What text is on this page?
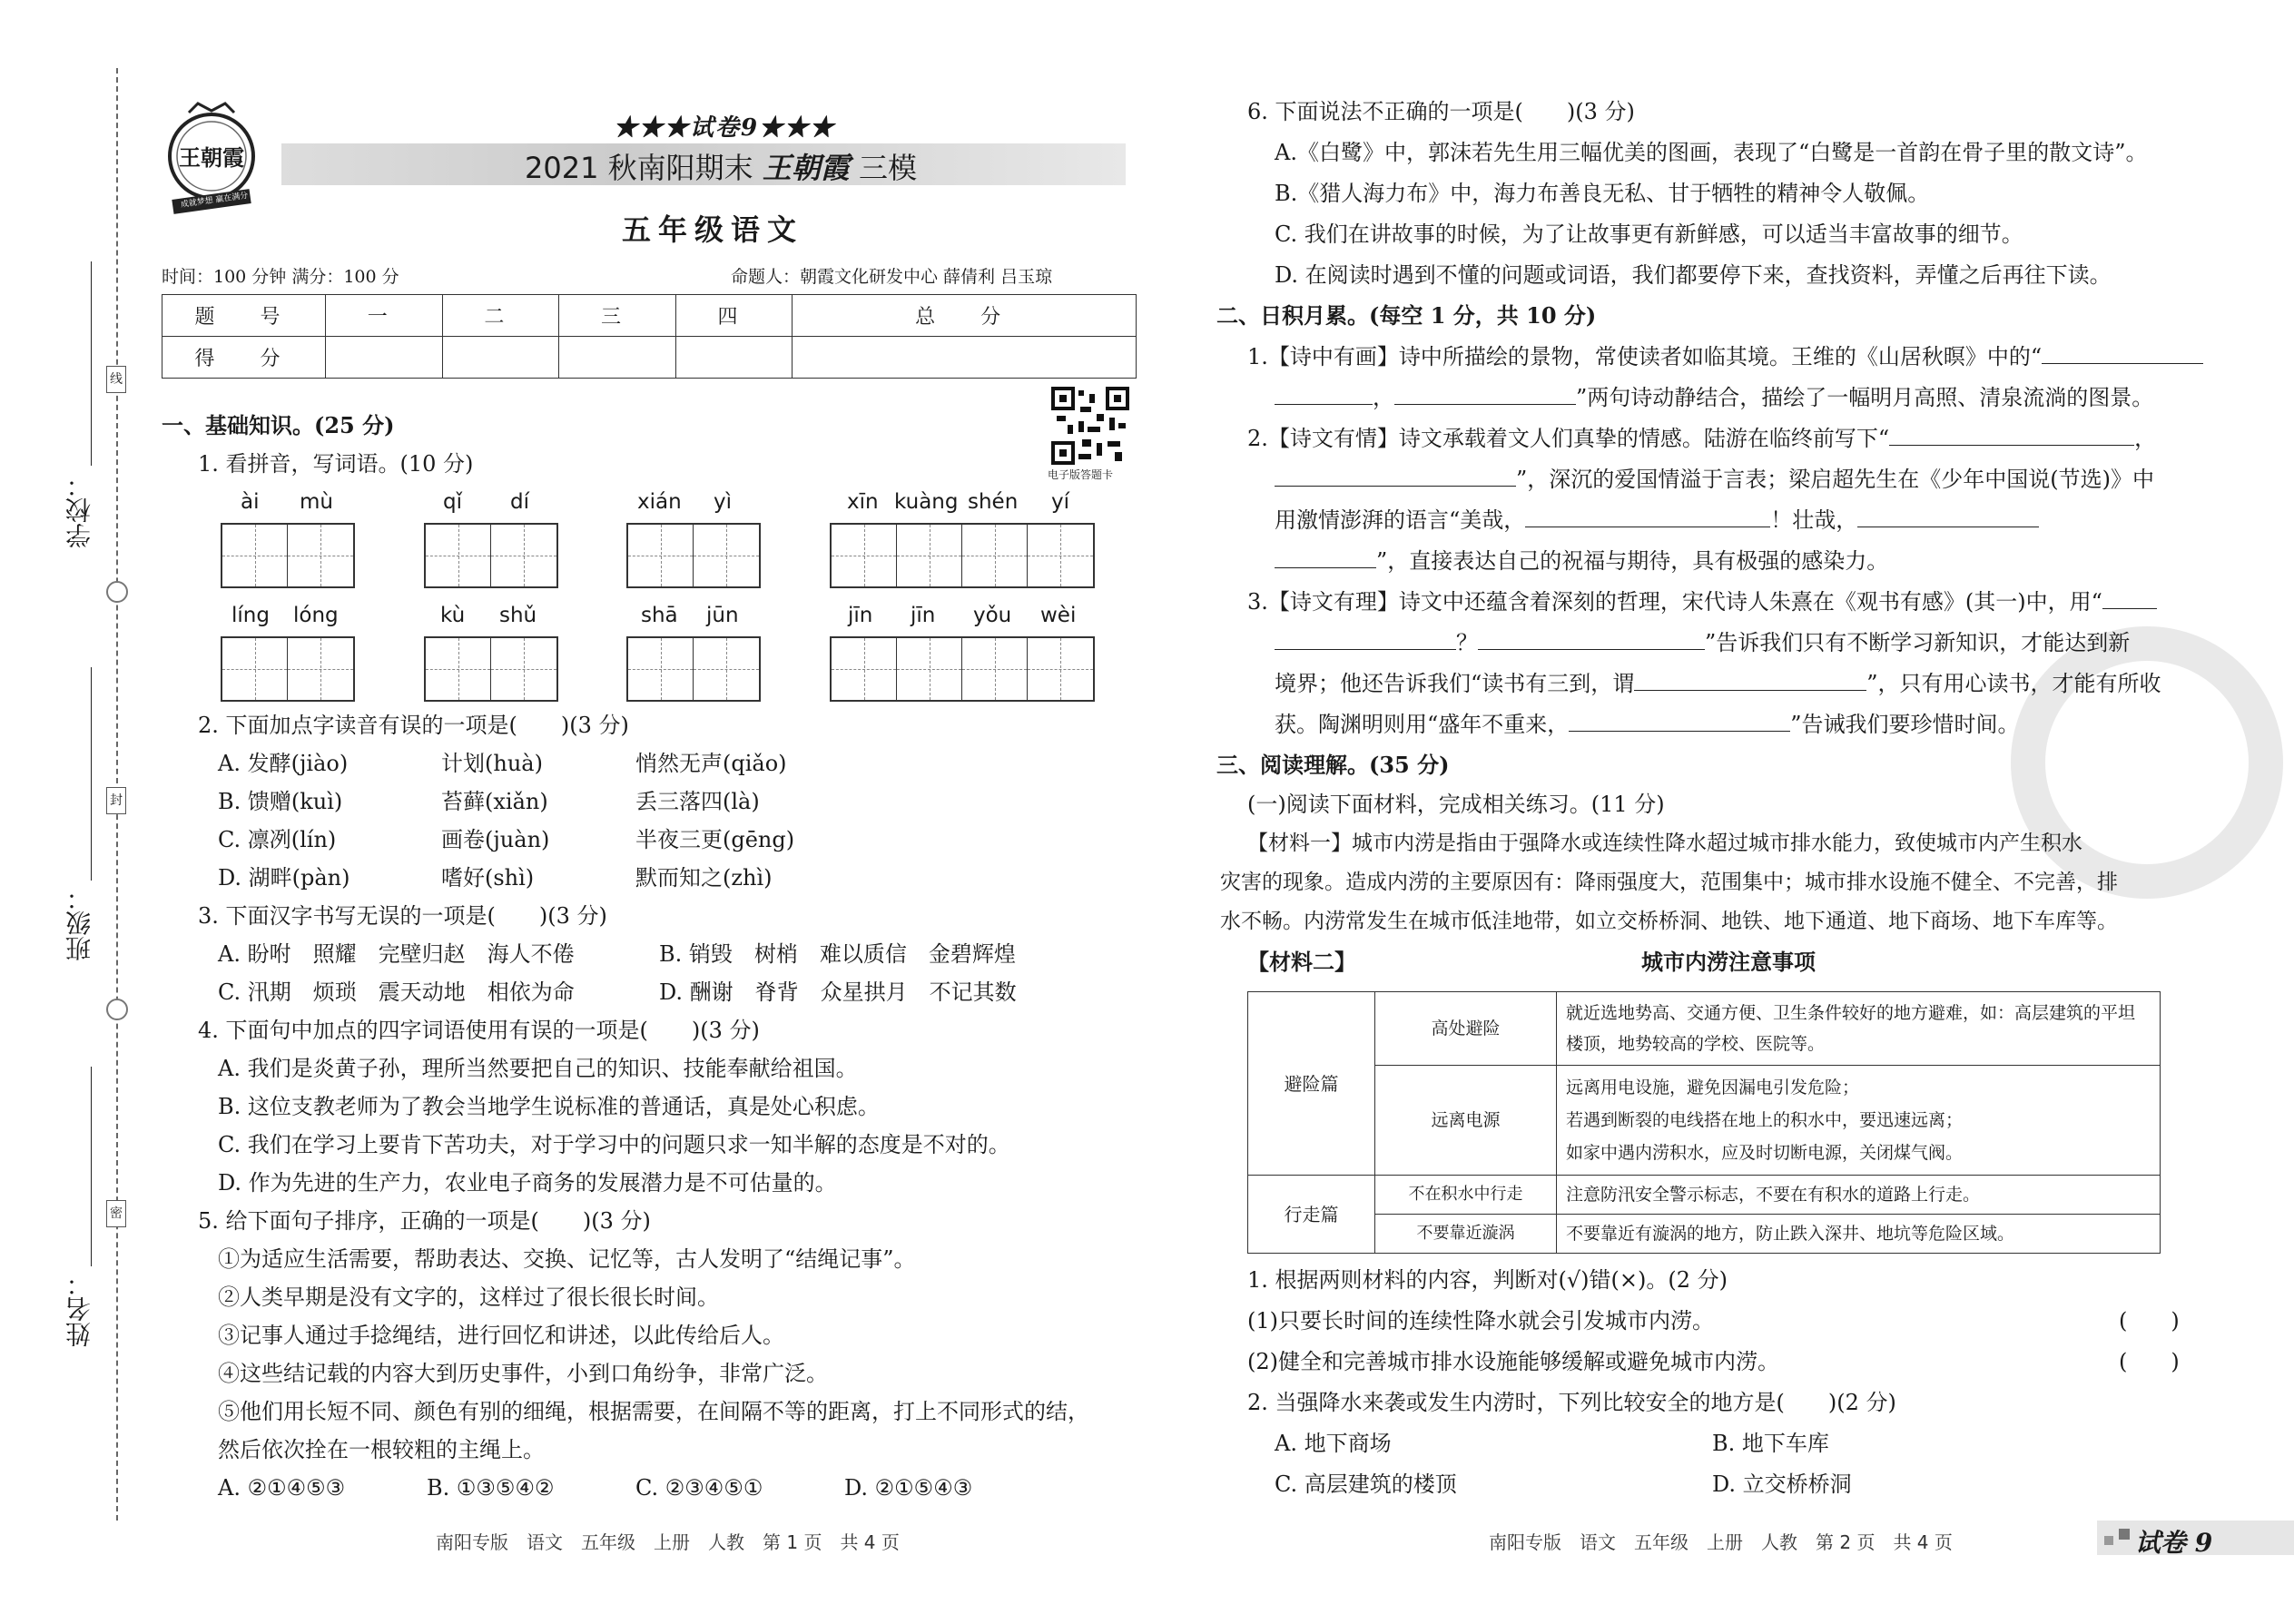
线
封
密
学校：
班级：
姓名：
王朝霞
成就梦想 赢在满分
★★★试卷9★★★
2021 秋南阳期末 王朝霞 三模
五年级语文
时间：100 分钟 满分：100 分	命题人：朝霞文化研发中心 薛倩利 吕玉琼
题　号	一	二	三	四	总　分
得　分					
电子版答题卡
一、基础知识。(25 分)
1. 看拼音，写词语。(10 分)
ài mù	qǐ dí	xián yì	xīn kuàng shén yí
líng lóng	kù shǔ	shā jūn	jīn jīn yǒu wèi
2. 下面加点字读音有误的一项是(　　)(3 分)
A. 发酵(jiào)	计划(huà)	悄然无声(qiǎo)
B. 馈赠(kuì)	苔藓(xiǎn)	丢三落四(là)
C. 凛冽(lín)	画卷(juàn)	半夜三更(gēng)
D. 湖畔(pàn)	嗜好(shì)	默而知之(zhì)
3. 下面汉字书写无误的一项是(　　)(3 分)
A. 盼咐　照耀　完壁归赵　海人不倦	B. 销毁　树梢　难以质信　金碧辉煌
C. 汛期　烦琐　震天动地　相依为命	D. 酬谢　脊背　众星拱月　不记其数
4. 下面句中加点的四字词语使用有误的一项是(　　)(3 分)
A. 我们是炎黄子孙，理所当然要把自己的知识、技能奉献给祖国。
B. 这位支教老师为了教会当地学生说标准的普通话，真是处心积虑。
C. 我们在学习上要肯下苦功夫，对于学习中的问题只求一知半解的态度是不对的。
D. 作为先进的生产力，农业电子商务的发展潜力是不可估量的。
5. 给下面句子排序，正确的一项是(　　)(3 分)
①为适应生活需要，帮助表达、交换、记忆等，古人发明了“结绳记事”。
②人类早期是没有文字的，这样过了很长很长时间。
③记事人通过手捻绳结，进行回忆和讲述，以此传给后人。
④这些结记载的内容大到历史事件，小到口角纷争，非常广泛。
⑤他们用长短不同、颜色有别的细绳，根据需要，在间隔不等的距离，打上不同形式的结，
然后依次拴在一根较粗的主绳上。
A. ②①④⑤③	B. ①③⑤④②	C. ②③④⑤①	D. ②①⑤④③
6. 下面说法不正确的一项是(　　)(3 分)
A.《白鹭》中，郭沫若先生用三幅优美的图画，表现了“白鹭是一首韵在骨子里的散文诗”。
B.《猎人海力布》中，海力布善良无私、甘于牺牲的精神令人敬佩。
C. 我们在讲故事的时候，为了让故事更有新鲜感，可以适当丰富故事的细节。
D. 在阅读时遇到不懂的问题或词语，我们都要停下来，查找资料，弄懂之后再往下读。
二、日积月累。(每空 1 分，共 10 分)
1.【诗中有画】诗中所描绘的景物，常使读者如临其境。王维的《山居秋暝》中的“
，	”两句诗动静结合，描绘了一幅明月高照、清泉流淌的图景。
2.【诗文有情】诗文承载着文人们真挚的情感。陆游在临终前写下“	，
”，深沉的爱国情溢于言表；梁启超先生在《少年中国说(节选)》中
用激情澎湃的语言“美哉，	！壮哉，
”，直接表达自己的祝福与期待，具有极强的感染力。
3.【诗文有理】诗文中还蕴含着深刻的哲理，宋代诗人朱熹在《观书有感》(其一)中，用“
？	”告诉我们只有不断学习新知识，才能达到新
境界；他还告诉我们“读书有三到，谓	”，只有用心读书，才能有所收
获。陶渊明则用“盛年不重来，	”告诫我们要珍惜时间。
三、阅读理解。(35 分)
(一)阅读下面材料，完成相关练习。(11 分)
【材料一】城市内涝是指由于强降水或连续性降水超过城市排水能力，致使城市内产生积水
灾害的现象。造成内涝的主要原因有：降雨强度大，范围集中；城市排水设施不健全、不完善，排
水不畅。内涝常发生在城市低洼地带，如立交桥桥洞、地铁、地下通道、地下商场、地下车库等。
【材料二】	城市内涝注意事项
避险篇	高处避险	就近选地势高、交通方便、卫生条件较好的地方避难，如：高层建筑的平坦楼顶，地势较高的学校、医院等。
	远离电源	远离用电设施，避免因漏电引发危险；
若遇到断裂的电线搭在地上的积水中，要迅速远离；
如家中遇内涝积水，应及时切断电源，关闭煤气阀。

行走篇	不在积水中行走	注意防汛安全警示标志，不要在有积水的道路上行走。
	不要靠近漩涡	不要靠近有漩涡的地方，防止跌入深井、地坑等危险区域。
1. 根据两则材料的内容，判断对(√)错(×)。(2 分)
(1)只要长时间的连续性降水就会引发城市内涝。	(　　)
(2)健全和完善城市排水设施能够缓解或避免城市内涝。	(　　)
2. 当强降水来袭或发生内涝时，下列比较安全的地方是(　　)(2 分)
A. 地下商场	B. 地下车库
C. 高层建筑的楼顶	D. 立交桥桥洞
南阳专版　语文　五年级　上册　人教　第 1 页　共 4 页	南阳专版　语文　五年级　上册　人教　第 2 页　共 4 页	试卷 9
